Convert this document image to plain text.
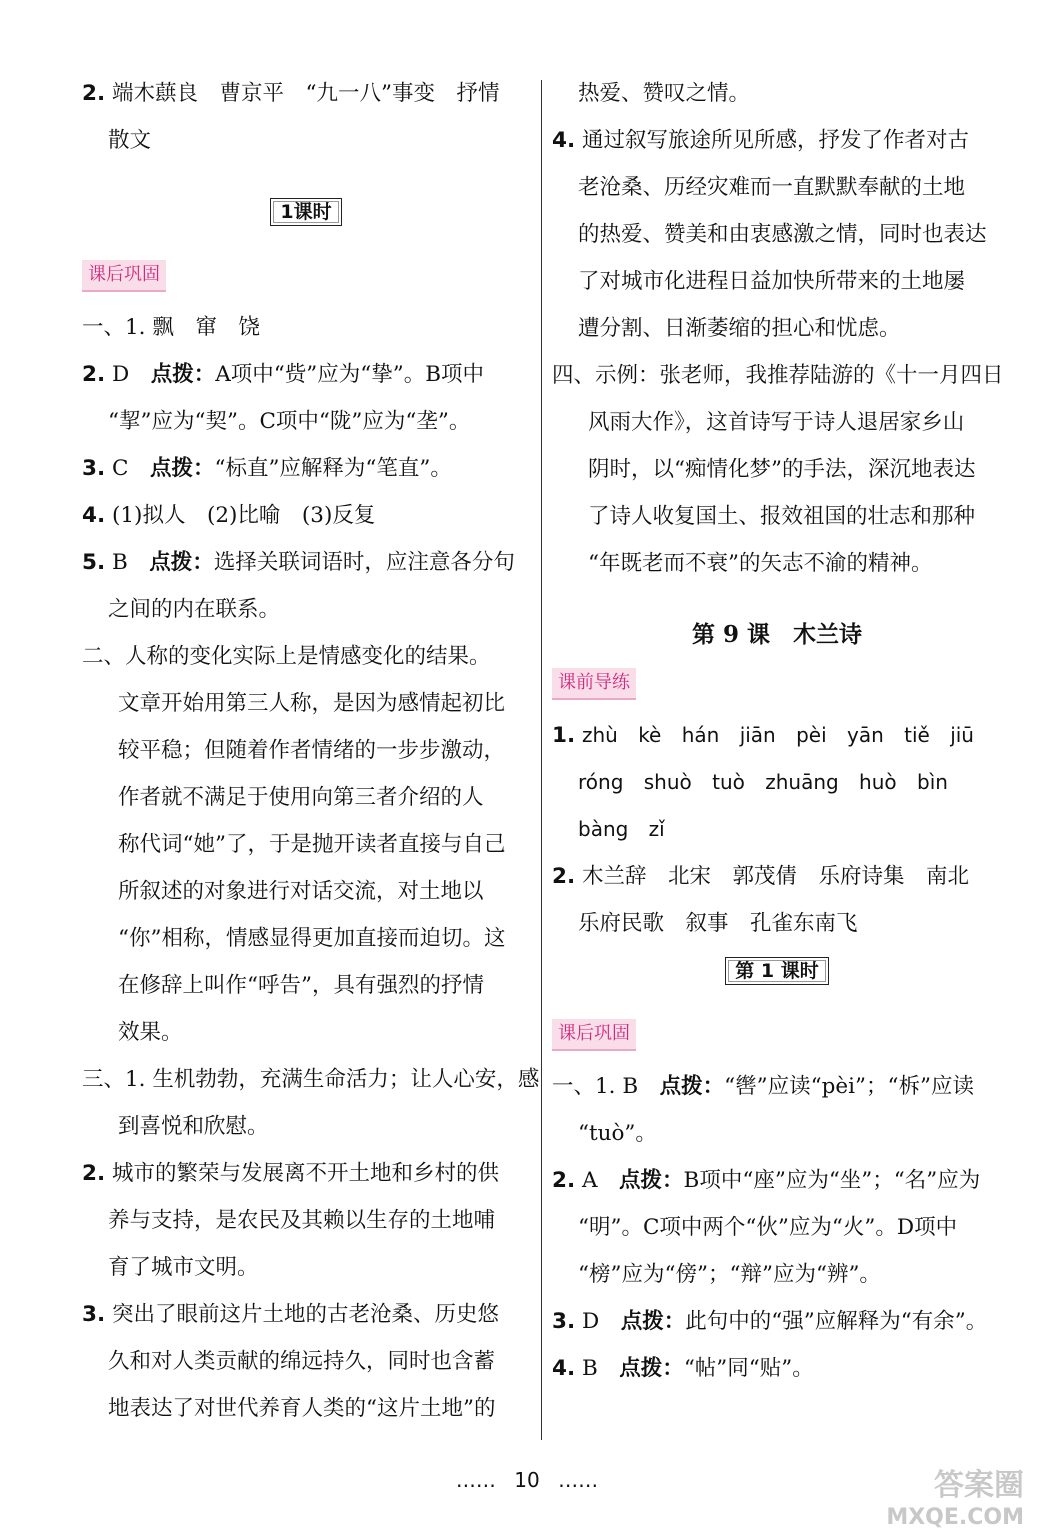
2. 端木蕻良　曹京平　“九一八”事变　抒情
散文
1课时
课后巩固
一、1. 飘　窜　饶
2. D　点拨：A项中“赀”应为“挚”。B项中
“挈”应为“契”。C项中“陇”应为“垄”。
3. C　点拨：“标直”应解释为“笔直”。
4. (1)拟人　(2)比喻　(3)反复
5. B　点拨：选择关联词语时，应注意各分句
之间的内在联系。
二、人称的变化实际上是情感变化的结果。
文章开始用第三人称，是因为感情起初比
较平稳；但随着作者情绪的一步步激动，
作者就不满足于使用向第三者介绍的人
称代词“她”了，于是抛开读者直接与自己
所叙述的对象进行对话交流，对土地以
“你”相称，情感显得更加直接而迫切。这
在修辞上叫作“呼告”，具有强烈的抒情
效果。
三、1. 生机勃勃，充满生命活力；让人心安，感
到喜悦和欣慰。
2. 城市的繁荣与发展离不开土地和乡村的供
养与支持，是农民及其赖以生存的土地哺
育了城市文明。
3. 突出了眼前这片土地的古老沧桑、历史悠
久和对人类贡献的绵远持久，同时也含蓄
地表达了对世代养育人类的“这片土地”的
热爱、赞叹之情。
4. 通过叙写旅途所见所感，抒发了作者对古
老沧桑、历经灾难而一直默默奉献的土地
的热爱、赞美和由衷感激之情，同时也表达
了对城市化进程日益加快所带来的土地屡
遭分割、日渐萎缩的担心和忧虑。
四、示例：张老师，我推荐陆游的《十一月四日
风雨大作》，这首诗写于诗人退居家乡山
阴时，以“痴情化梦”的手法，深沉地表达
了诗人收复国土、报效祖国的壮志和那种
“年既老而不衰”的矢志不渝的精神。
第 9 课　木兰诗
课前导练
1. zhù kè hán jiān pèi yān tiě jiū
róng shuò tuò zhuāng huò bìn
bàng zǐ
2. 木兰辞　北宋　郭茂倩　乐府诗集　南北
乐府民歌　叙事　孔雀东南飞
第 1 课时
课后巩固
一、1. B　点拨：“辔”应读“pèi”；“柝”应读
“tuò”。
2. A　点拨：B项中“座”应为“坐”；“名”应为
“明”。C项中两个“伙”应为“火”。D项中
“榜”应为“傍”；“辩”应为“辨”。
3. D　点拨：此句中的“强”应解释为“有余”。
4. B　点拨：“帖”同“贴”。
…… 10 ……	答案圈
MXQE.COM
